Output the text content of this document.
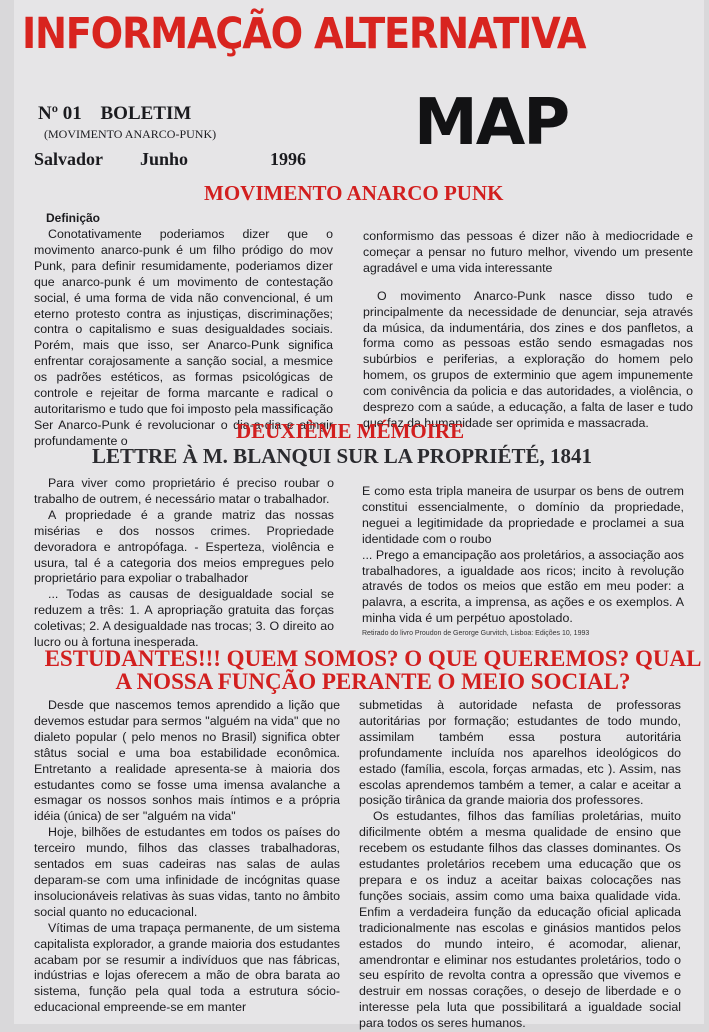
INFORMAÇÃO ALTERNATIVA
Nº 01 BOLETIM
(MOVIMENTO ANARCO-PUNK)
Salvador Junho	1996 MAP
MOVIMENTO ANARCO PUNK
Definição

Conotativamente poderiamos dizer que o movimento anarco-punk é um filho pródigo do mov Punk, para definir resumidamente, poderiamos dizer que anarco-punk é um movimento de contestação social, é uma forma de vida não convencional, é um eterno protesto contra as injustiças, discriminações; contra o capitalismo e suas desigualdades sociais. Porém, mais que isso, ser Anarco-Punk significa enfrentar corajosamente a sanção social, a mesmice os padrões estéticos, as formas psicológicas de controle e rejeitar de forma marcante e radical o autoritarismo e tudo que foi imposto pela massificação Ser Anarco-Punk é revolucionar o dia-a-dia e atingir profundamente o

conformismo das pessoas é dizer não à mediocridade e começar a pensar no futuro melhor, vivendo um presente agradável e uma vida interessante

O movimento Anarco-Punk nasce disso tudo e principalmente da necessidade de denunciar, seja através da música, da indumentária, dos zines e dos panfletos, a forma como as pessoas estão sendo esmagadas nos subúrbios e periferias, a exploração do homem pelo homem, os grupos de exterminio que agem impunemente com conivência da policia e das autoridades, a violência, o desprezo com a saúde, a educação, a falta de laser e tudo que faz da humanidade ser oprimida e massacrada.

DEUXIÈME MÉMOIRE
LETTRE À M. BLANQUI SUR LA PROPRIÉTÉ, 1841

Para viver como proprietário é preciso roubar o trabalho de outrem, é necessário matar o trabalhador.

A propriedade é a grande matriz das nossas misérias e dos nossos crimes. Propriedade devoradora e antropófaga. - Esperteza, violência e usura, tal é a categoria dos meios empregues pelo proprietário para expoliar o trabalhador

... Todas as causas de desigualdade social se reduzem a três: 1. A apropriação gratuita das forças coletivas; 2. A desigualdade nas trocas; 3. O direito ao lucro ou à fortuna inesperada.

E como esta tripla maneira de usurpar os bens de outrem constitui essencialmente, o domínio da propriedade, neguei a legitimidade da propriedade e proclamei a sua identidade com o roubo

... Prego a emancipação aos proletários, a associação aos trabalhadores, a igualdade aos ricos; incito à revolução através de todos os meios que estão em meu poder: a palavra, a escrita, a imprensa, as ações e os exemplos. A minha vida é um perpétuo apostolado.

Retirado do livro Proudon de Gerorge Gurvitch, Lisboa: Edições 10, 1993
ESTUDANTES!!! QUEM SOMOS? O QUE QUEREMOS? QUAL A NOSSA FUNÇÃO PERANTE O MEIO SOCIAL?

Desde que nascemos temos aprendido a lição que devemos estudar para sermos "alguém na vida" que no dialeto popular ( pelo menos no Brasil) significa obter stâtus social e uma boa estabilidade econômica. Entretanto a realidade apresenta-se à maioria dos estudantes como se fosse uma imensa avalanche a esmagar os nossos sonhos mais íntimos e a própria idéia (única) de ser "alguém na vida"

Hoje, bilhões de estudantes em todos os países do terceiro mundo, filhos das classes trabalhadoras, sentados em suas cadeiras nas salas de aulas deparam-se com uma infinidade de incógnitas quase insolucionáveis relativas às suas vidas, tanto no âmbito social quanto no educacional.

Vítimas de uma trapaça permanente, de um sistema capitalista explorador, a grande maioria dos estudantes acabam por se resumir a indivíduos que nas fábricas, indústrias e lojas oferecem a mão de obra barata ao sistema, função pela qual toda a estrutura sócio-educacional empreende-se em manter

submetidas à autoridade nefasta de professoras autoritárias por formação; estudantes de todo mundo, assimilam também essa postura autoritária profundamente incluída nos aparelhos ideológicos do estado (família, escola, forças armadas, etc ). Assim, nas escolas aprendemos também a temer, a calar e aceitar a posição tirânica da grande maioria dos professores.

Os estudantes, filhos das famílias proletárias, muito dificilmente obtém a mesma qualidade de ensino que recebem os estudante filhos das classes dominantes. Os estudantes proletários recebem uma educação que os prepara e os induz a aceitar baixas colocações nas funções sociais, assim como uma baixa qualidade vida. Enfim a verdadeira função da educação oficial aplicada tradicionalmente nas escolas e ginásios mantidos pelos estados do mundo inteiro, é acomodar, alienar, amendrontar e eliminar nos estudantes proletários, todo o seu espírito de revolta contra a opressão que vivemos e destruir em nossas corações, o desejo de liberdade e o interesse pela luta que possibilitará a igualdade social para todos os seres humanos.
